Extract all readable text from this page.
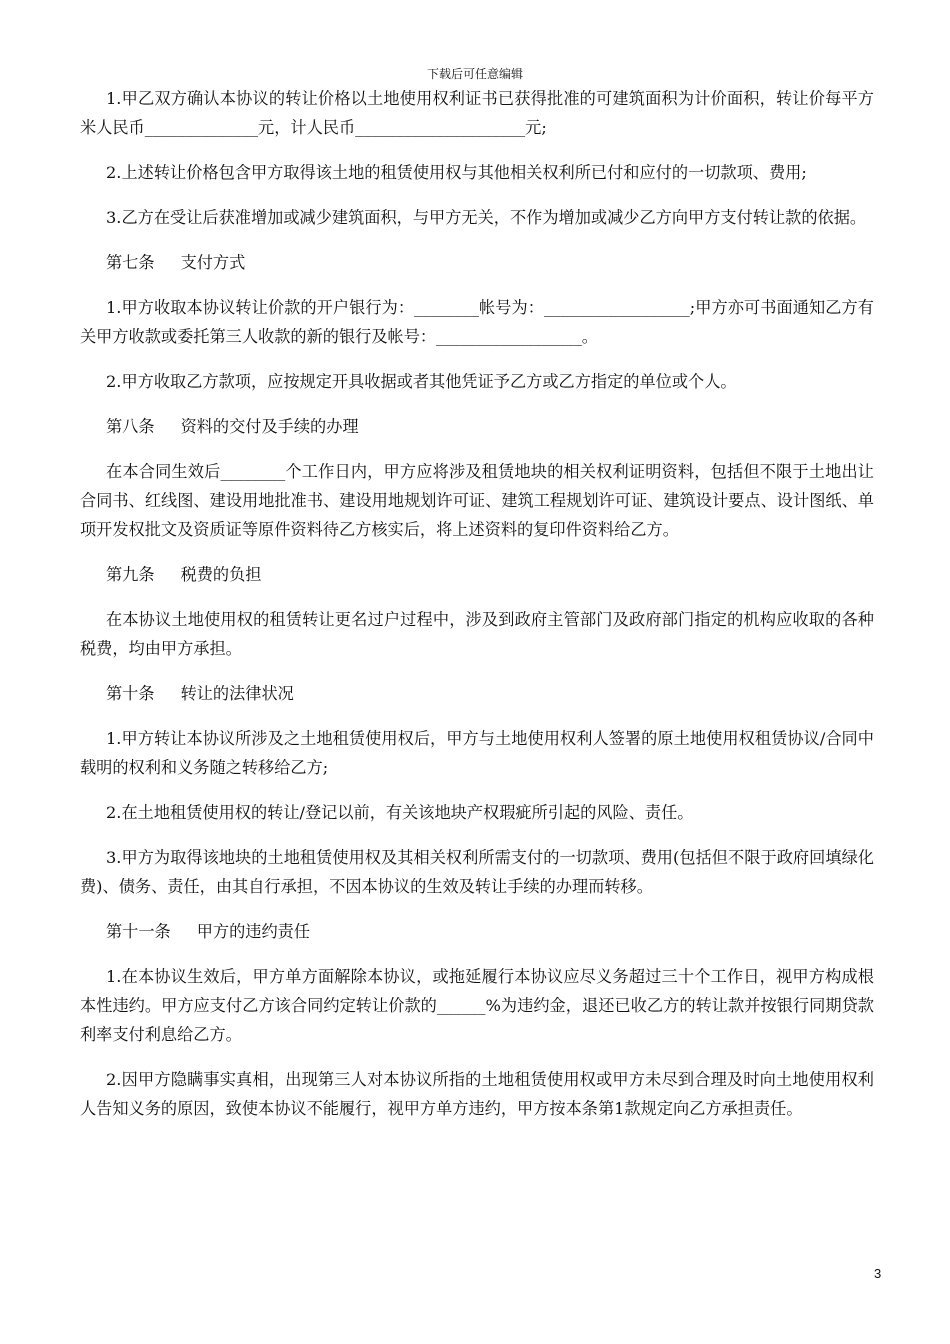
下载后可任意编辑

1.甲乙双方确认本协议的转让价格以土地使用权利证书已获得批准的可建筑面积为计价面积，转让价每平方米人民币______________元，计人民币_____________________元;

2.上述转让价格包含甲方取得该土地的租赁使用权与其他相关权利所已付和应付的一切款项、费用;

3.乙方在受让后获准增加或减少建筑面积，与甲方无关，不作为增加或减少乙方向甲方支付转让款的依据。

第七条 支付方式

1.甲方收取本协议转让价款的开户银行为：________帐号为：__________________;甲方亦可书面通知乙方有关甲方收款或委托第三人收款的新的银行及帐号：__________________。

2.甲方收取乙方款项，应按规定开具收据或者其他凭证予乙方或乙方指定的单位或个人。

第八条 资料的交付及手续的办理

在本合同生效后________个工作日内，甲方应将涉及租赁地块的相关权利证明资料，包括但不限于土地出让合同书、红线图、建设用地批准书、建设用地规划许可证、建筑工程规划许可证、建筑设计要点、设计图纸、单项开发权批文及资质证等原件资料待乙方核实后，将上述资料的复印件资料给乙方。

第九条 税费的负担

在本协议土地使用权的租赁转让更名过户过程中，涉及到政府主管部门及政府部门指定的机构应收取的各种税费，均由甲方承担。

第十条 转让的法律状况

1.甲方转让本协议所涉及之土地租赁使用权后，甲方与土地使用权利人签署的原土地使用权租赁协议/合同中载明的权利和义务随之转移给乙方;

2.在土地租赁使用权的转让/登记以前，有关该地块产权瑕疵所引起的风险、责任。

3.甲方为取得该地块的土地租赁使用权及其相关权利所需支付的一切款项、费用(包括但不限于政府回填绿化费)、债务、责任，由其自行承担，不因本协议的生效及转让手续的办理而转移。

第十一条 甲方的违约责任

1.在本协议生效后，甲方单方面解除本协议，或拖延履行本协议应尽义务超过三十个工作日，视甲方构成根本性违约。甲方应支付乙方该合同约定转让价款的______%为违约金，退还已收乙方的转让款并按银行同期贷款利率支付利息给乙方。

2.因甲方隐瞒事实真相，出现第三人对本协议所指的土地租赁使用权或甲方未尽到合理及时向土地使用权利人告知义务的原因，致使本协议不能履行，视甲方单方违约，甲方按本条第1款规定向乙方承担责任。

3
